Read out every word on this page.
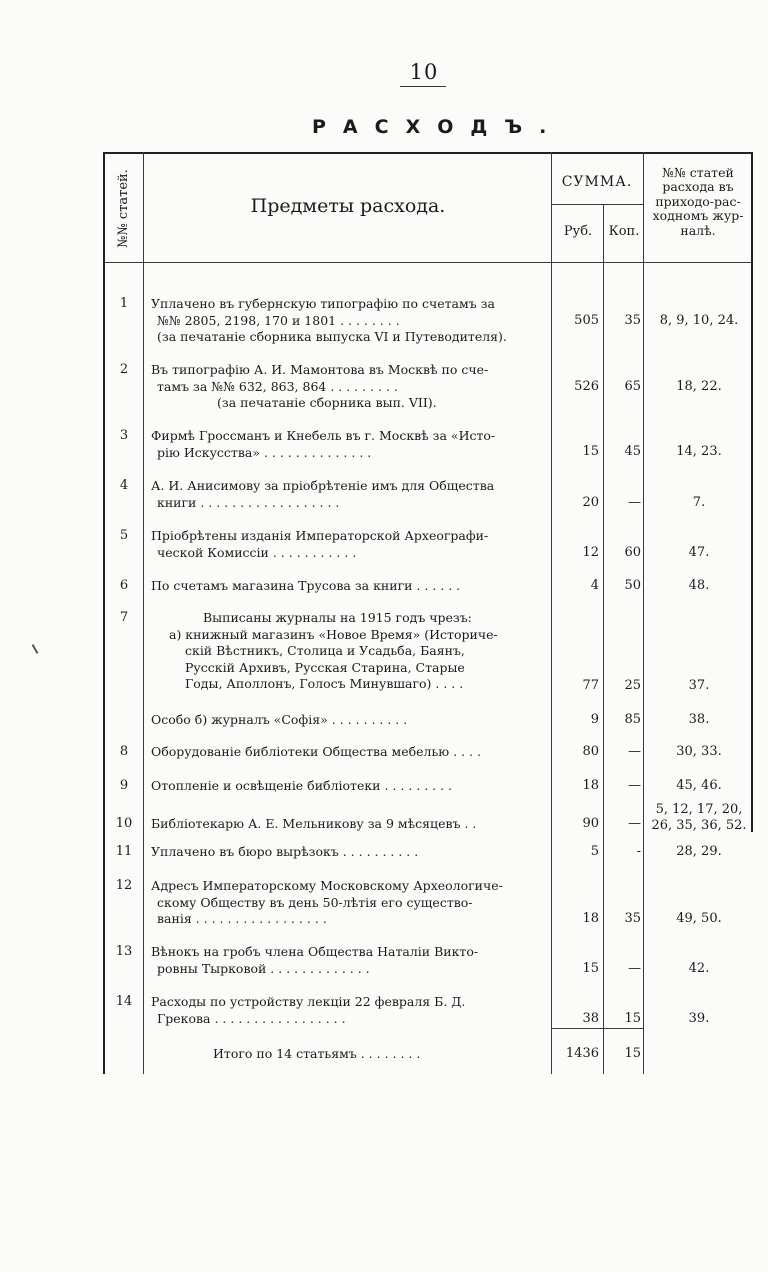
10
РАСХОДЪ.
№№ статей.	Предметы расхода.
СУММА.
Руб.	Коп.
№№ статей
расхода въ
приходо-рас-
ходномъ жур-
налѣ.
1	Уплачено въ губернскую типографію по счетамъ за
№№ 2805, 2198, 170 и 1801 . . . . . . . .
(за печатаніе сборника выпуска VI и Путеводителя).
505	35	8, 9, 10, 24.
2	Въ типографію А. И. Мамонтова въ Москвѣ по сче-
тамъ за №№ 632, 863, 864 . . . . . . . . .
(за печатаніе сборника вып. VII).
526	65	18, 22.
3	Фирмѣ Гроссманъ и Кнебель въ г. Москвѣ за «Исто-
рію Искусства» . . . . . . . . . . . . . .	15	45	14, 23.
4	А. И. Анисимову за пріобрѣтеніе имъ для Общества
книги . . . . . . . . . . . . . . . . . .	20	—	7.
5	Пріобрѣтены изданія Императорской Археографи-
ческой Комиссіи . . . . . . . . . . .	12	60	47.
6	По счетамъ магазина Трусова за книги . . . . . .	4	50	48.
7	Выписаны журналы на 1915 годъ чрезъ:
а) книжный магазинъ «Новое Время» (Историче-
скій Вѣстникъ, Столица и Усадьба, Баянъ,
Русскій Архивъ, Русская Старина, Старые
Годы, Аполлонъ, Голосъ Минувшаго) . . . .	77	25	37.
Особо б) журналъ «Софія» . . . . . . . . . .	9	85	38.
8	Оборудованіе библіотеки Общества мебелью . . . .	80	—	30, 33.
9	Отопленіе и освѣщеніе библіотеки . . . . . . . . .	18	—	45, 46.
10	Библіотекарю А. Е. Мельникову за 9 мѣсяцевъ . .	90	—
5, 12, 17, 20,
26, 35, 36, 52.
11	Уплачено въ бюро вырѣзокъ . . . . . . . . . .	5	-	28, 29.
12	Адресъ Императорскому Московскому Археологиче-
скому Обществу въ день 50-лѣтія его существо-
ванія . . . . . . . . . . . . . . . . .	18	35	49, 50.
13	Вѣнокъ на гробъ члена Общества Наталіи Викто-
ровны Тырковой . . . . . . . . . . . . .	15	—	42.
14	Расходы по устройству лекціи 22 февраля Б. Д.
Грекова . . . . . . . . . . . . . . . . .	38	15	39.
Итого по 14 статьямъ . . . . . . . .	1436	15
